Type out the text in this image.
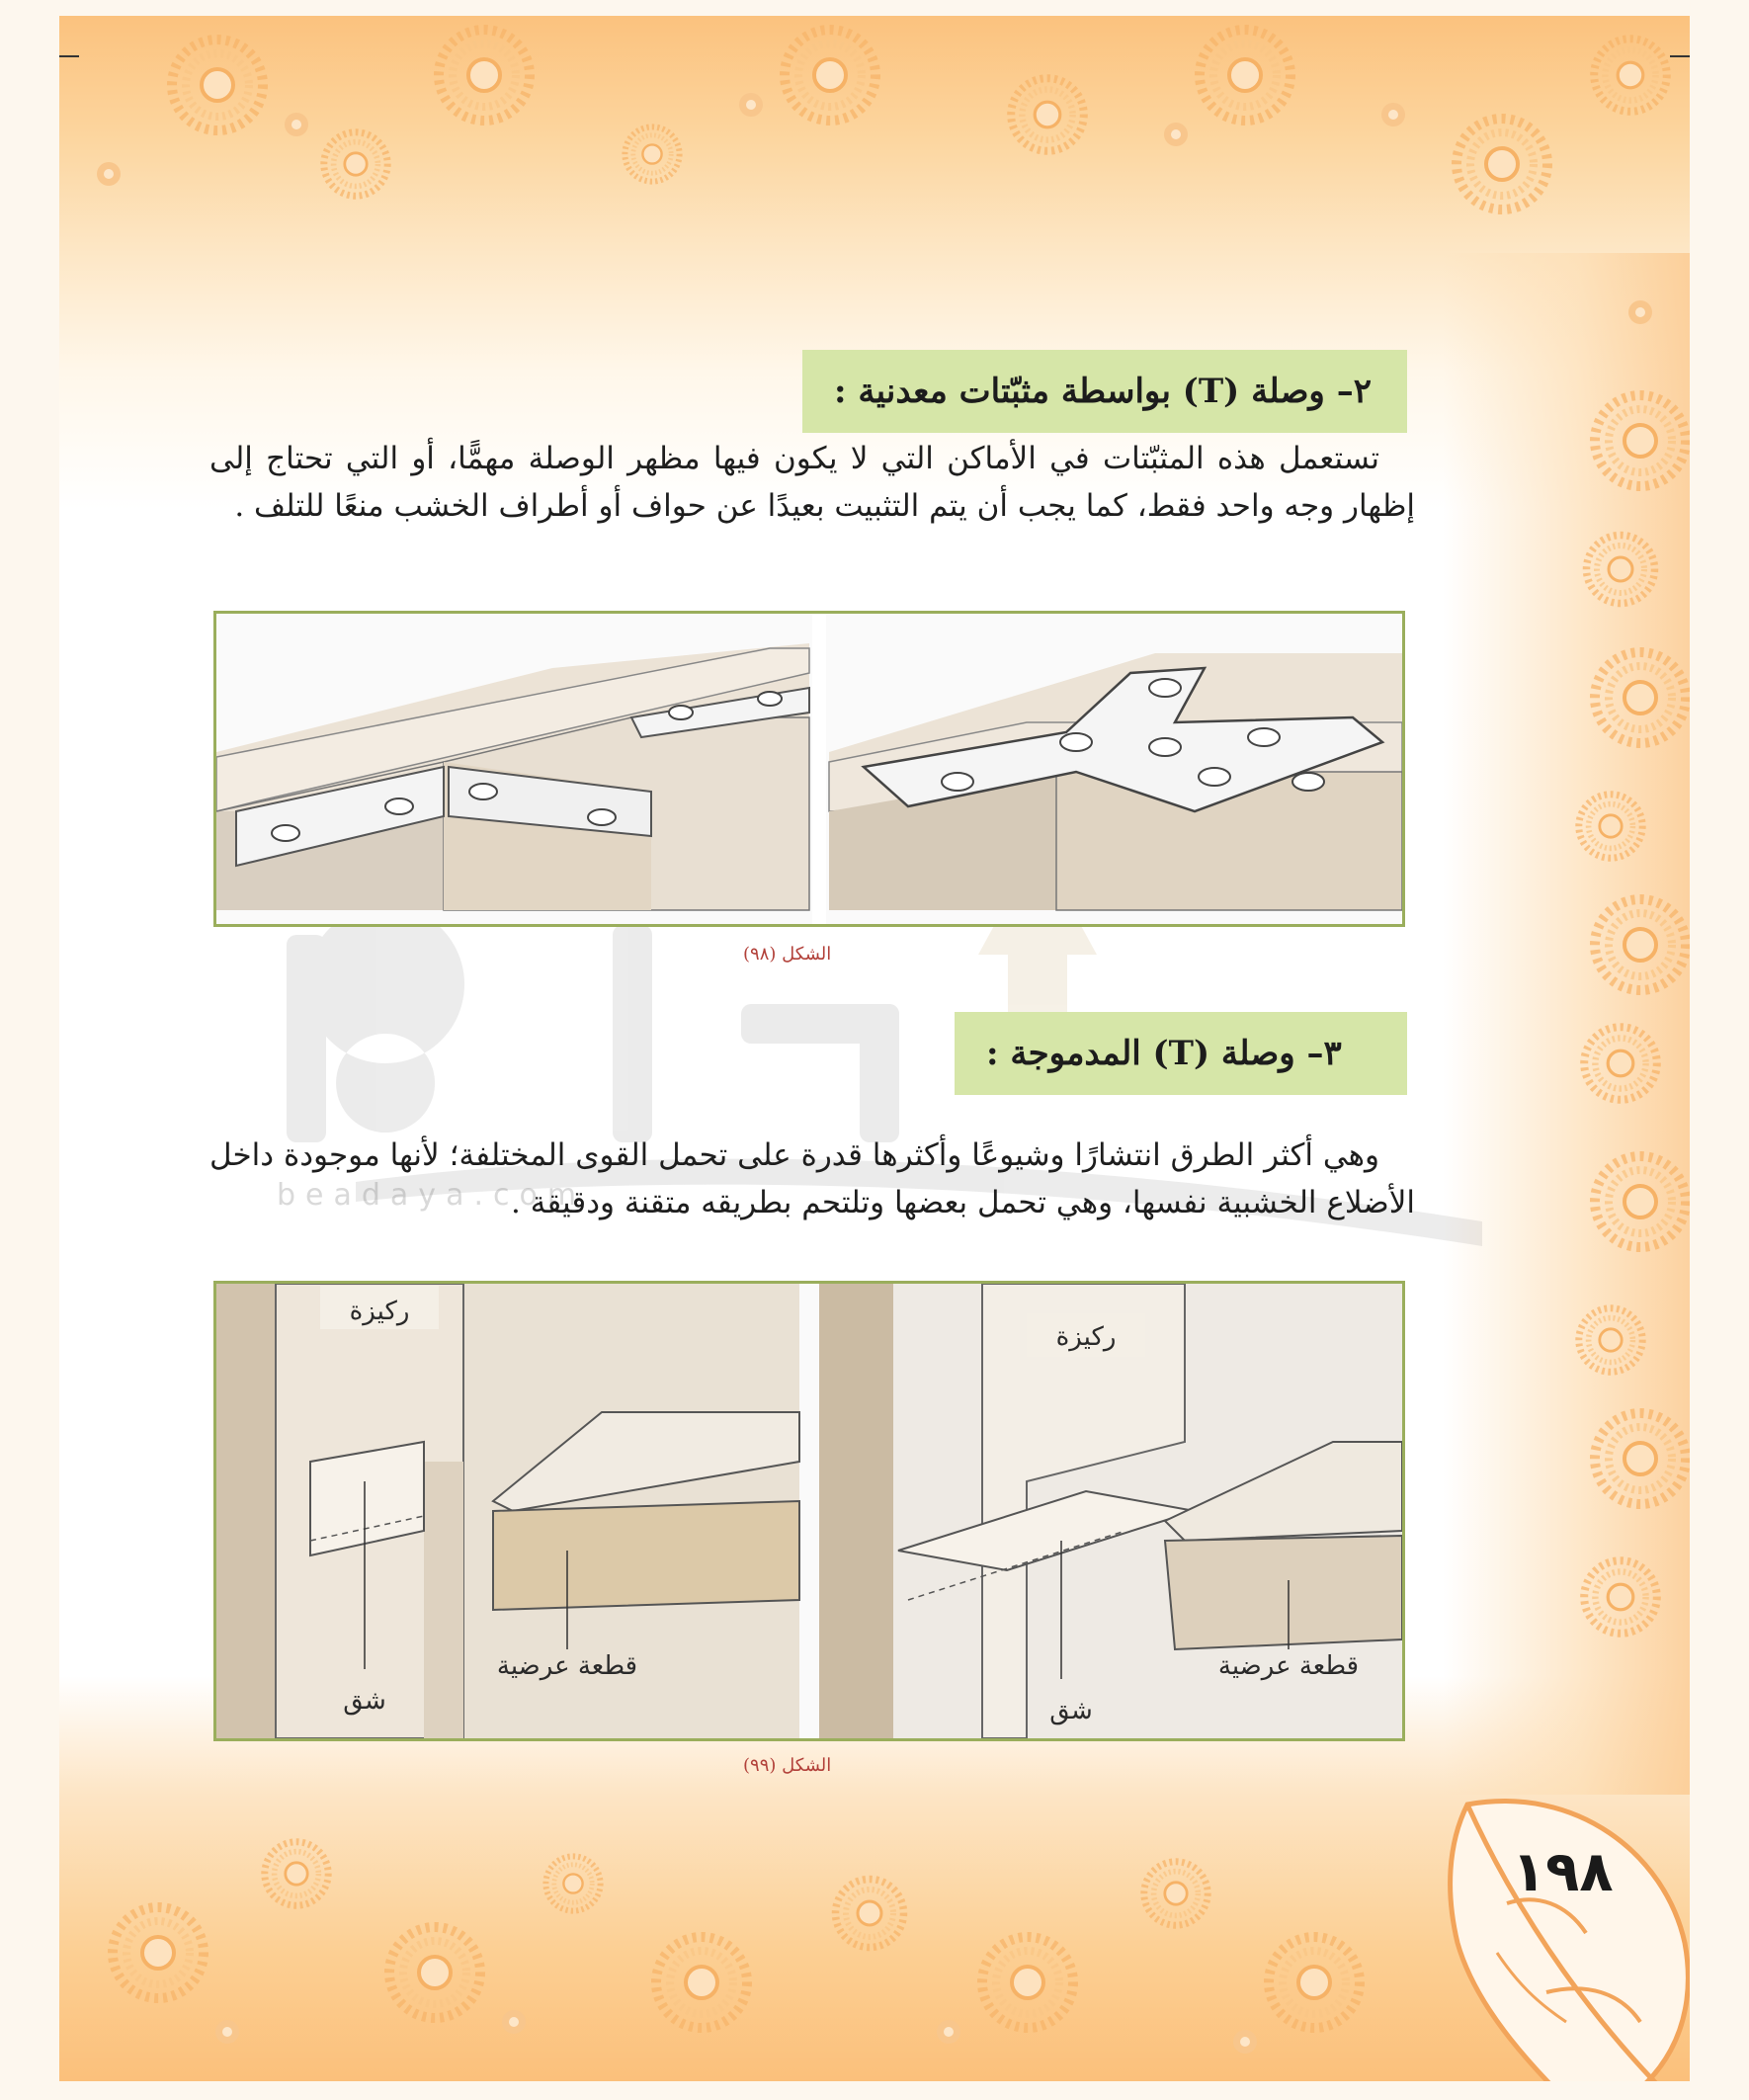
٢– وصلة (T) بواسطة مثبّتات معدنية :

تستعمل هذه المثبّتات في الأماكن التي لا يكون فيها مظهر الوصلة مهمًّا، أو التي تحتاج إلى إظهار وجه واحد فقط، كما يجب أن يتم التثبيت بعيدًا عن حواف أو أطراف الخشب منعًا للتلف .

الشكل (٩٨)
٣– وصلة (T) المدموجة :

وهي أكثر الطرق انتشارًا وشيوعًا وأكثرها قدرة على تحمل القوى المختلفة؛ لأنها موجودة داخل الأضلاع الخشبية نفسها، وهي تحمل بعضها وتلتحم بطريقه متقنة ودقيقة .

beadaya.com
ركيزة
شق
قطعة عرضية
ركيزة
شق
قطعة عرضية
الشكل (٩٩)
١٩٨
